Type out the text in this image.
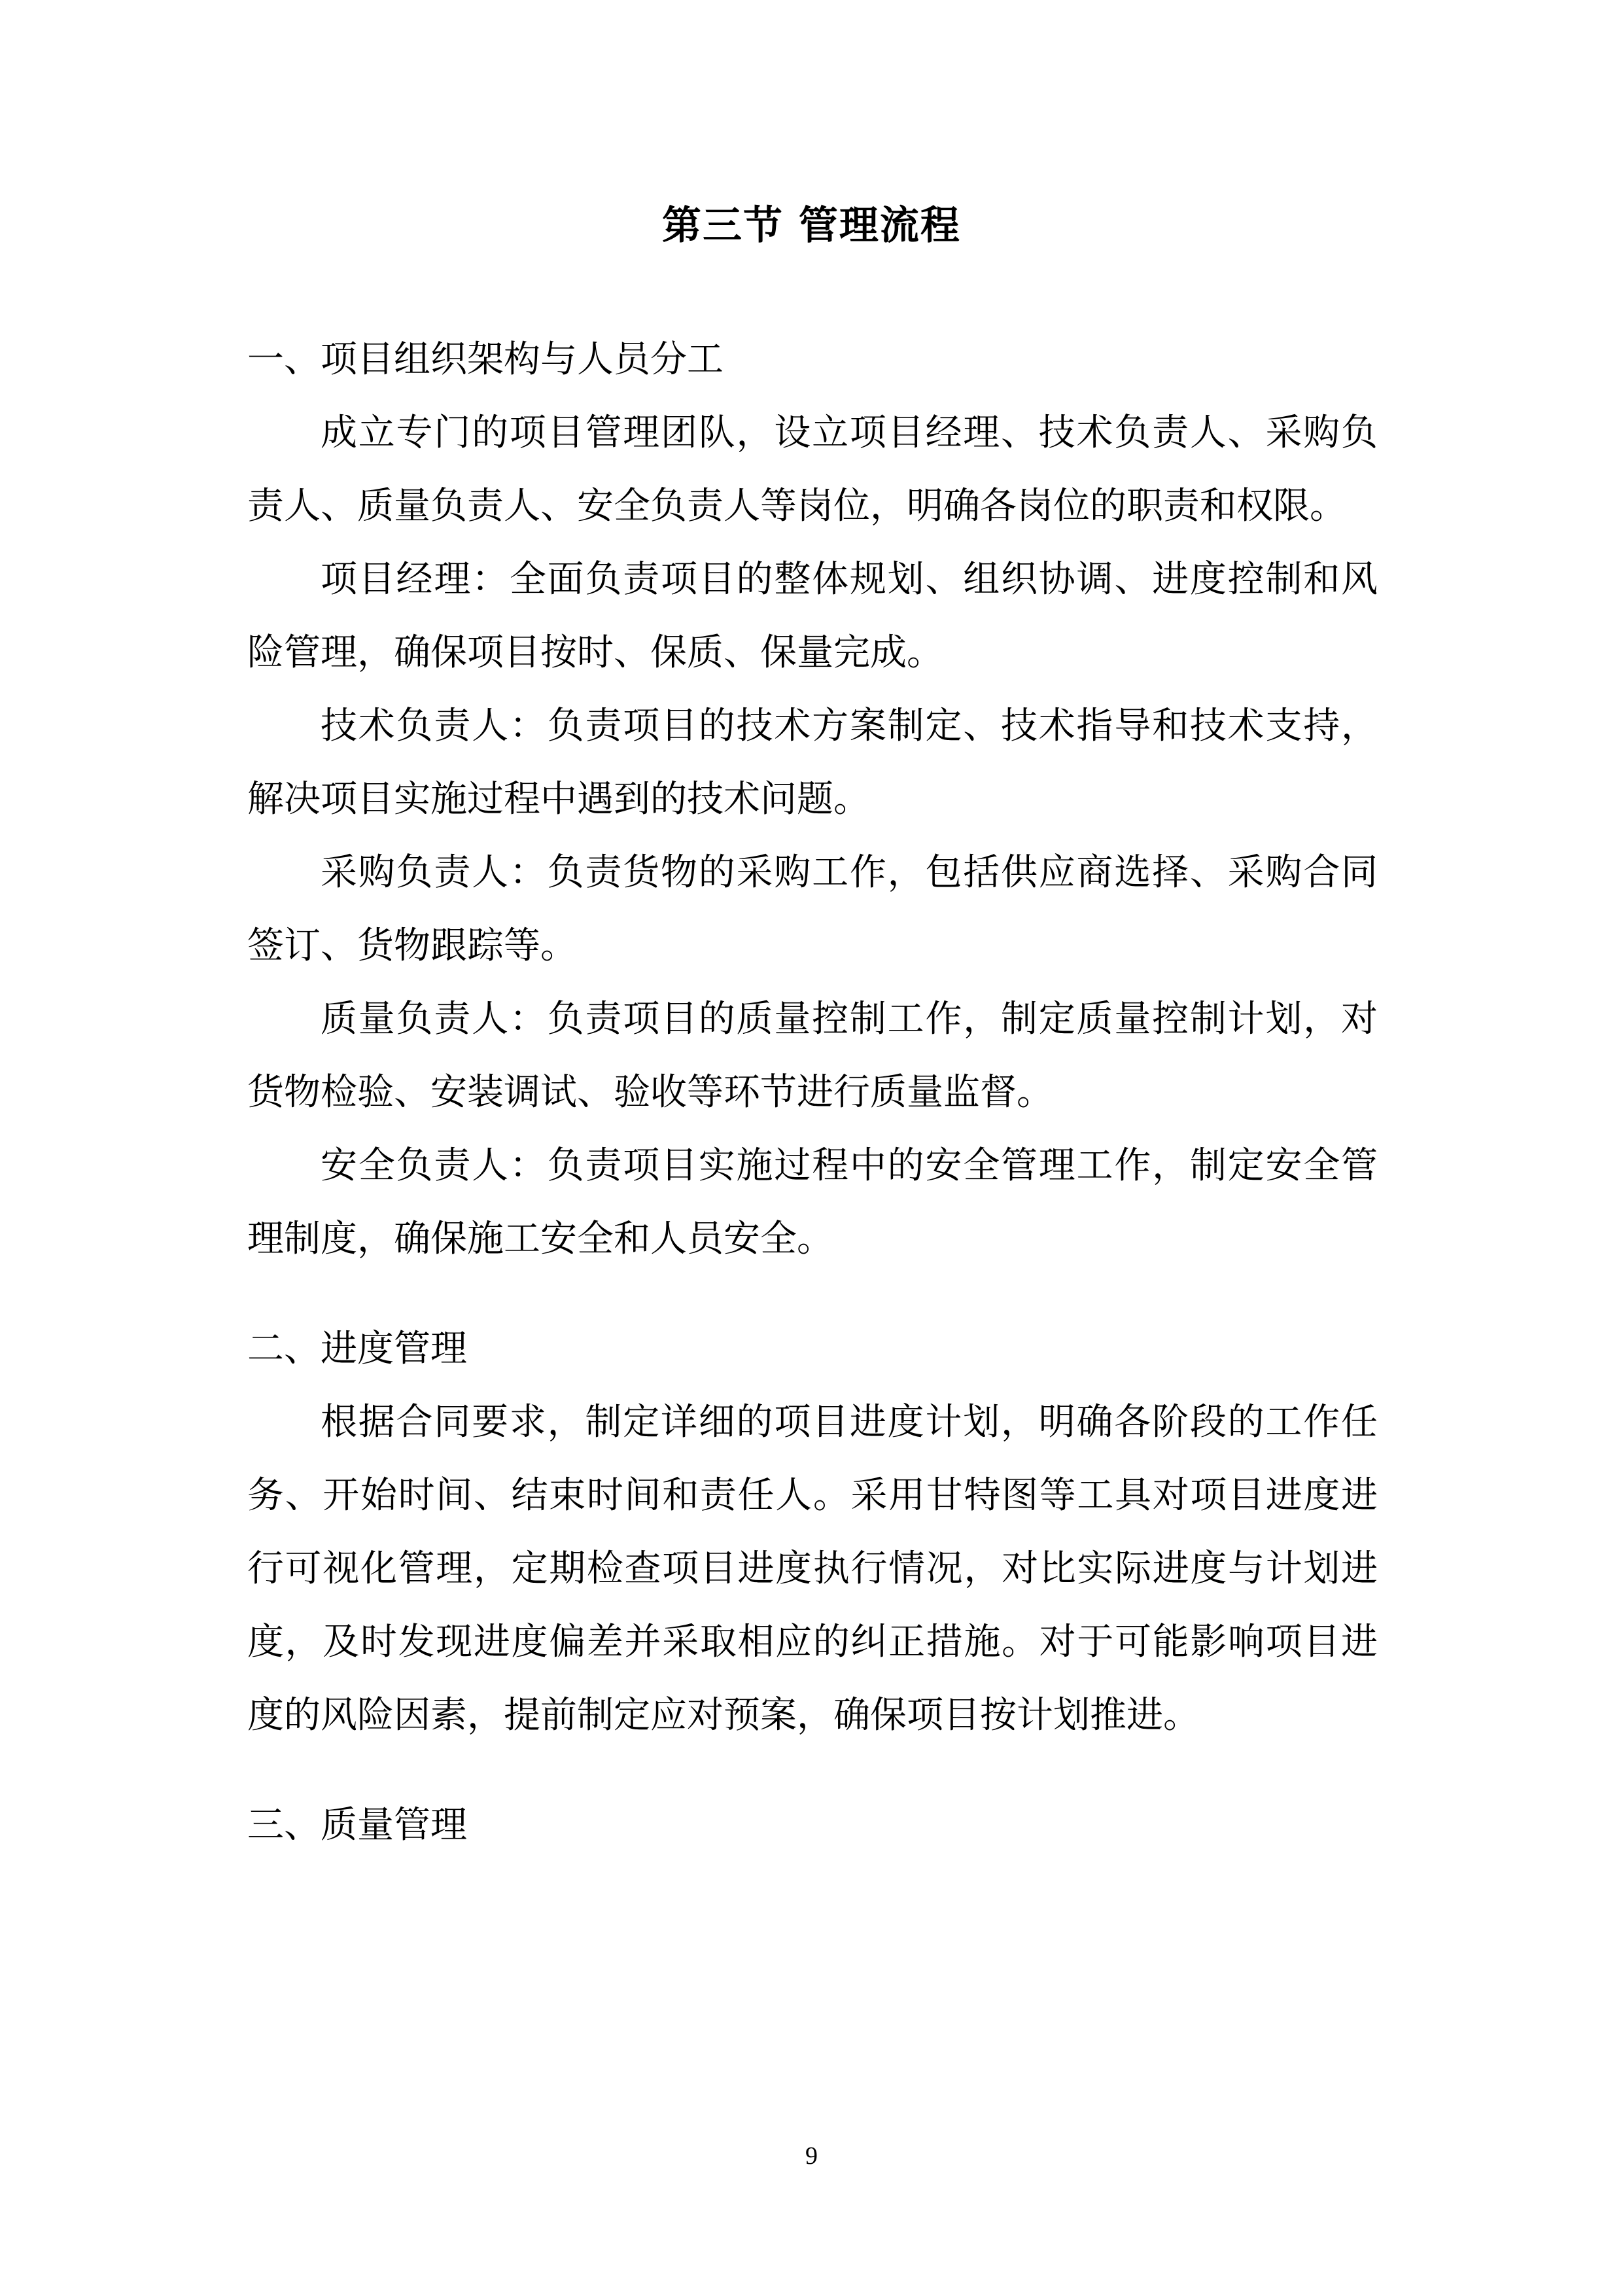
第三节 管理流程
一、项目组织架构与人员分工

成立专门的项目管理团队，设立项目经理、技术负责人、采购负责人、质量负责人、安全负责人等岗位，明确各岗位的职责和权限。

项目经理：全面负责项目的整体规划、组织协调、进度控制和风险管理，确保项目按时、保质、保量完成。

技术负责人：负责项目的技术方案制定、技术指导和技术支持，解决项目实施过程中遇到的技术问题。

采购负责人：负责货物的采购工作，包括供应商选择、采购合同签订、货物跟踪等。

质量负责人：负责项目的质量控制工作，制定质量控制计划，对货物检验、安装调试、验收等环节进行质量监督。

安全负责人：负责项目实施过程中的安全管理工作，制定安全管理制度，确保施工安全和人员安全。

二、进度管理

根据合同要求，制定详细的项目进度计划，明确各阶段的工作任务、开始时间、结束时间和责任人。采用甘特图等工具对项目进度进行可视化管理，定期检查项目进度执行情况，对比实际进度与计划进度，及时发现进度偏差并采取相应的纠正措施。对于可能影响项目进度的风险因素，提前制定应对预案，确保项目按计划推进。

三、质量管理
9
